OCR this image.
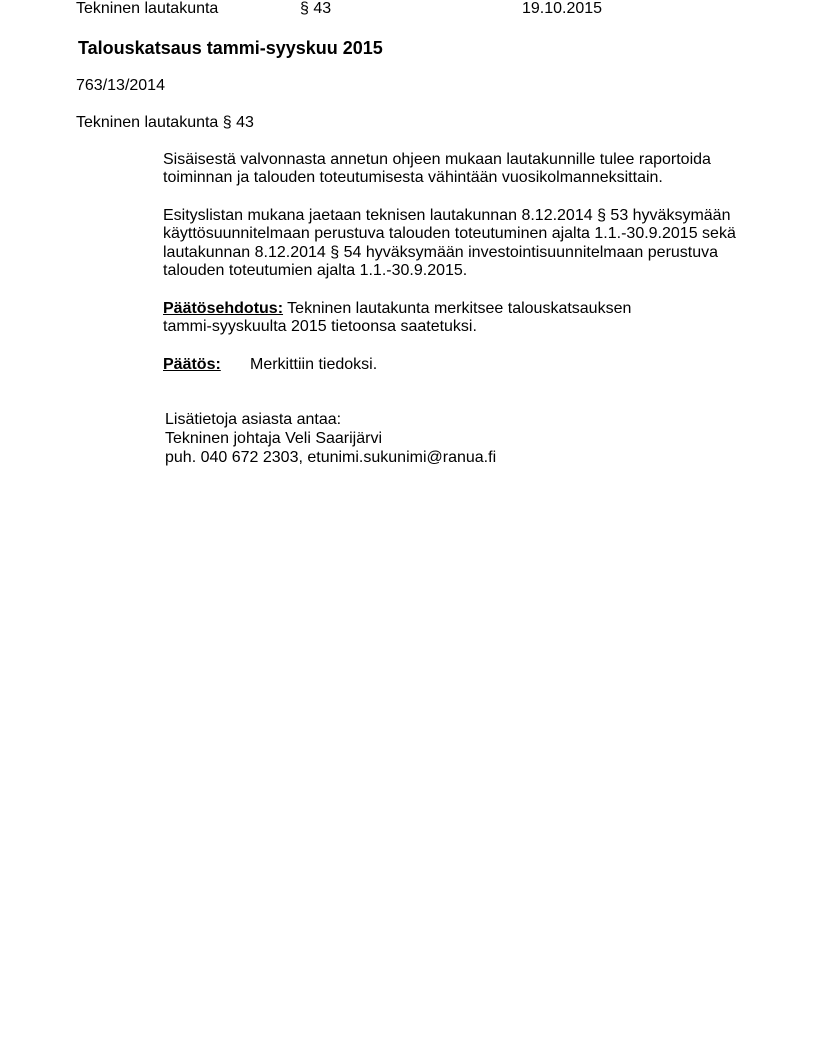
Tekninen lautakunta	§ 43	19.10.2015
Talouskatsaus tammi-syyskuu 2015
763/13/2014
Tekninen lautakunta § 43
Sisäisestä valvonnasta annetun ohjeen mukaan lautakunnille tulee raportoida
toiminnan ja talouden toteutumisesta vähintään vuosikolmanneksittain.
Esityslistan mukana jaetaan teknisen lautakunnan 8.12.2014 § 53 hyväksymään
käyttösuunnitelmaan perustuva talouden toteutuminen ajalta 1.1.-30.9.2015 sekä
lautakunnan 8.12.2014 § 54 hyväksymään investointisuunnitelmaan perustuva
talouden toteutumien ajalta 1.1.-30.9.2015.
Päätösehdotus: Tekninen lautakunta merkitsee talouskatsauksen
tammi-syyskuulta 2015 tietoonsa saatetuksi.
Päätös: Merkittiin tiedoksi.
Lisätietoja asiasta antaa:
Tekninen johtaja Veli Saarijärvi
puh. 040 672 2303, etunimi.sukunimi@ranua.fi
